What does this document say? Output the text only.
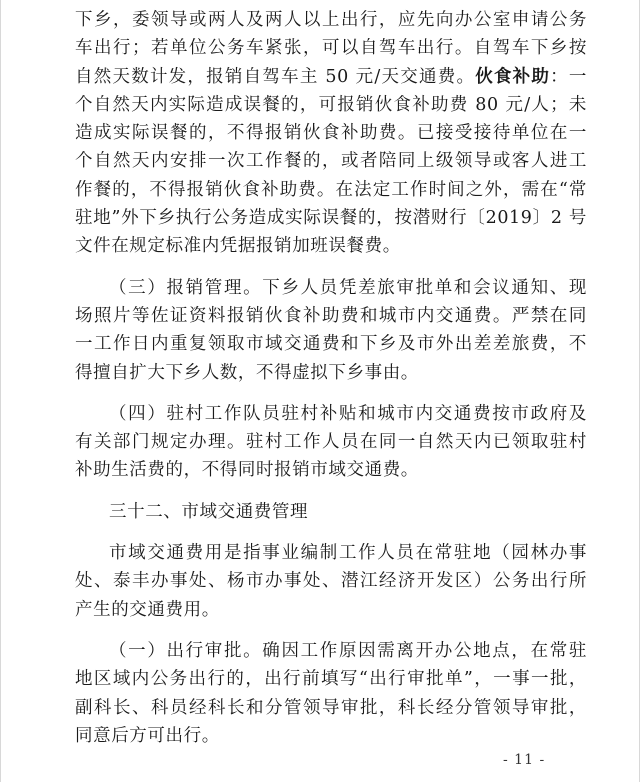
下乡，委领导或两人及两人以上出行，应先向办公室申请公务
车出行；若单位公务车紧张，可以自驾车出行。自驾车下乡按
自然天数计发，报销自驾车主 50 元/天交通费。伙食补助：一
个自然天内实际造成误餐的，可报销伙食补助费 80 元/人；未
造成实际误餐的，不得报销伙食补助费。已接受接待单位在一
个自然天内安排一次工作餐的，或者陪同上级领导或客人进工
作餐的，不得报销伙食补助费。在法定工作时间之外，需在“常
驻地”外下乡执行公务造成实际误餐的，按潜财行〔2019〕2 号
文件在规定标准内凭据报销加班误餐费。
（三）报销管理。下乡人员凭差旅审批单和会议通知、现
场照片等佐证资料报销伙食补助费和城市内交通费。严禁在同
一工作日内重复领取市域交通费和下乡及市外出差差旅费，不
得擅自扩大下乡人数，不得虚拟下乡事由。
（四）驻村工作队员驻村补贴和城市内交通费按市政府及
有关部门规定办理。驻村工作人员在同一自然天内已领取驻村
补助生活费的，不得同时报销市域交通费。
三十二、市域交通费管理
市域交通费用是指事业编制工作人员在常驻地（园林办事
处、泰丰办事处、杨市办事处、潜江经济开发区）公务出行所
产生的交通费用。
（一）出行审批。确因工作原因需离开办公地点，在常驻
地区域内公务出行的，出行前填写“出行审批单”，一事一批，
副科长、科员经科长和分管领导审批，科长经分管领导审批，
同意后方可出行。
- 11 -
